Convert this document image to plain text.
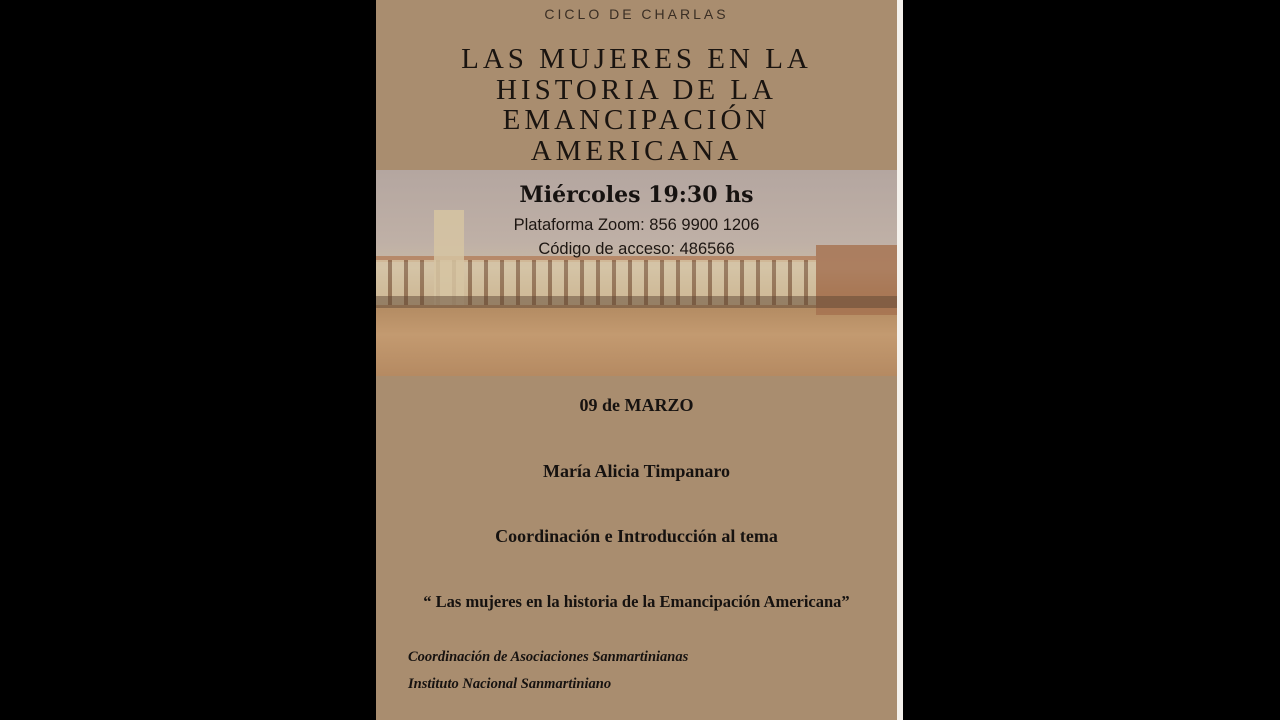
CICLO DE CHARLAS
LAS MUJERES EN LA
HISTORIA DE LA
EMANCIPACIÓN
AMERICANA
Miércoles 19:30 hs
Plataforma Zoom: 856 9900 1206
Código de acceso: 486566
09 de MARZO
María Alicia Timpanaro
Coordinación e Introducción al tema
“ Las mujeres en la historia de la Emancipación Americana”
Coordinación de Asociaciones Sanmartinianas
Instituto Nacional Sanmartiniano
